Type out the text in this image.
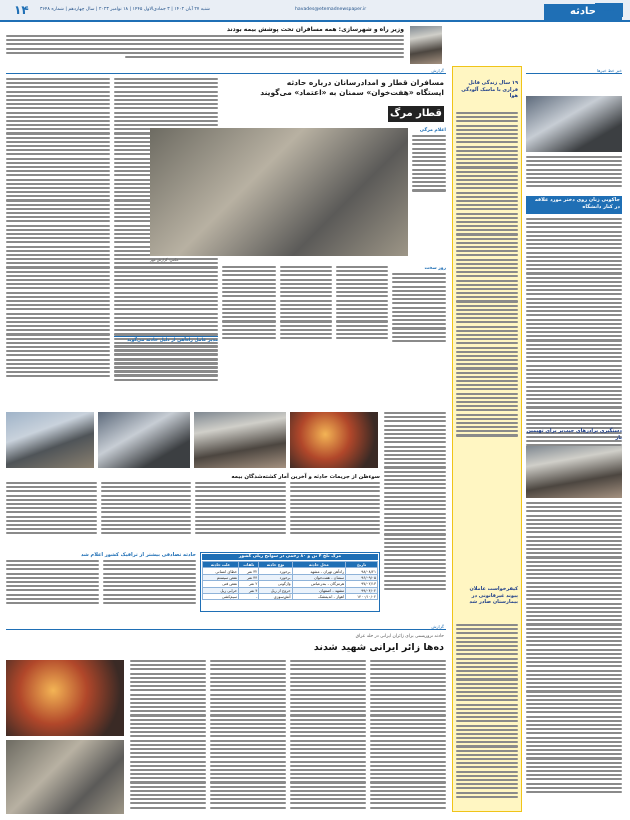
۱۴ شنبه ۲۷ آبان ۱۴۰۲ | ۳ جمادی‌الاول ۱۴۴۵ | ۱۸ نوامبر ۲۰۲۳ | سال چهاردهم | شماره ۳۶۴۸	havades@etemadnewspaper.ir	حادثه	اعتماد
وزیر راه و شهرسازی: همه مسافران تحت پوشش بیمه بودند
گزارش
مسافران قطار و امدادرسانان درباره حادثه
ایستگاه «هفت‌خوان» سمنان به «اعتماد» می‌گویند
قطار مرگ
عکس: گزارش مهر
اعلام مرگی
روز سخت
مدیر عامل راه‌آهن از دلیل حادثه می‌گوید
سوءظن از جریمات حادثه و آخرین آمار کشته‌شدگان بیمه
حادثه تصادفی بیشتر از ترافیک کشور اعلام شد	مرگ تلخ ۴ تن و ۸۰ زخمی در سوانح ریلی کشور
تاریخ	محل حادثه	نوع حادثه	تلفات	علت حادثه
۹۸/۰۸/۲۱	راه‌آهن تهران - مشهد	برخورد	۳۲ نفر	خطای انسانی
۹۶/۰۹/۰۵	سمنان - هفت‌خوان	برخورد	۴۴ نفر	نقص سیستم
۹۷/۰۲/۱۳	هرمزگان - بندرعباس	واژگونی	۲ نفر	نقص فنی
۹۹/۰۴/۰۲	مشهد - اصفهان	خروج از ریل	۴ نفر	خرابی ریل
۱۴۰۰/۱۰/۰۲	اهواز - اندیمشک	آتش‌سوزی	-	سیم‌کشی
گزارش
حادثه تروریستی برای زائران ایرانی در حله عراق
ده‌ها زائر ایرانی شهید شدند
خبر خط خبرها
۱۹ سال زندگی قاتل فراری با ماسک آلودگی هوا
جاکوبی زنان روی دختر مورد علاقه در کنار دانشگاه
دستگیری برادرهای جیب‌بر برای تهیمین بار
کیفرخواست عاملان پیوند غیرقانونی در بیمارستان صادر شد
